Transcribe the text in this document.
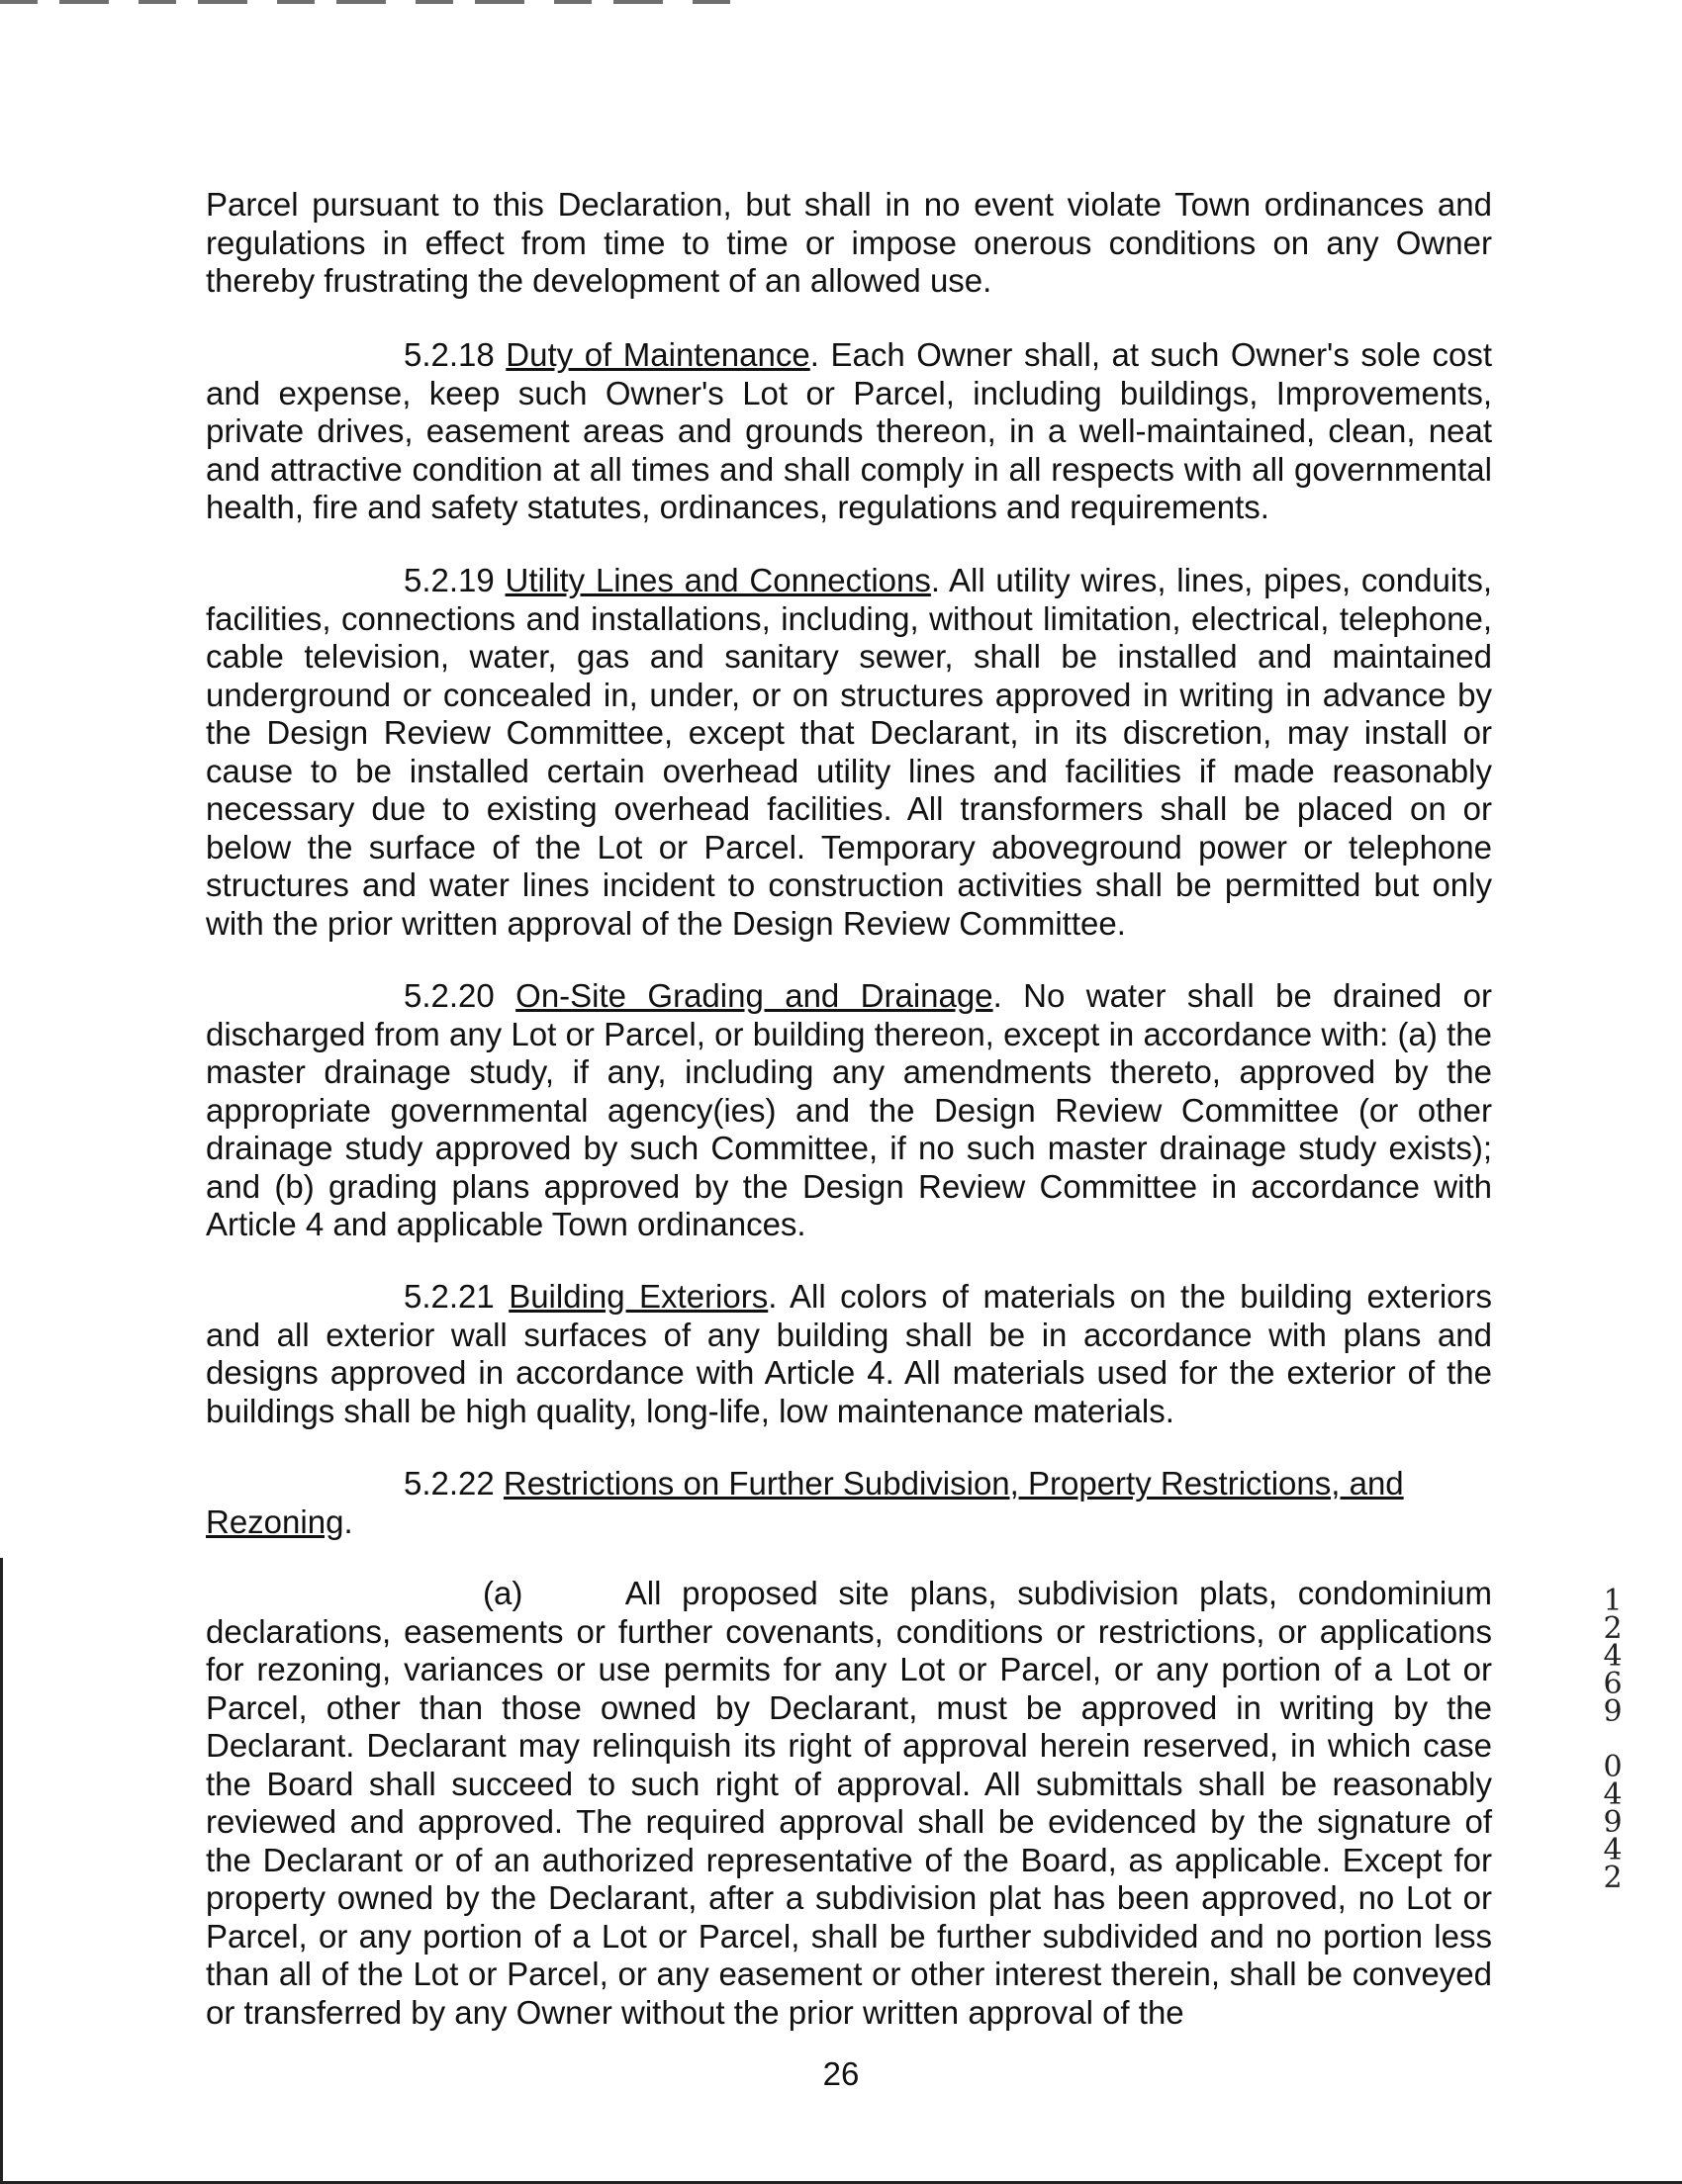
Parcel pursuant to this Declaration, but shall in no event violate Town ordinances and regulations in effect from time to time or impose onerous conditions on any Owner thereby frustrating the development of an allowed use.

5.2.18 Duty of Maintenance. Each Owner shall, at such Owner's sole cost and expense, keep such Owner's Lot or Parcel, including buildings, Improvements, private drives, easement areas and grounds thereon, in a well-maintained, clean, neat and attractive condition at all times and shall comply in all respects with all governmental health, fire and safety statutes, ordinances, regulations and requirements.

5.2.19 Utility Lines and Connections. All utility wires, lines, pipes, conduits, facilities, connections and installations, including, without limitation, electrical, telephone, cable television, water, gas and sanitary sewer, shall be installed and maintained underground or concealed in, under, or on structures approved in writing in advance by the Design Review Committee, except that Declarant, in its discretion, may install or cause to be installed certain overhead utility lines and facilities if made reasonably necessary due to existing overhead facilities. All transformers shall be placed on or below the surface of the Lot or Parcel. Temporary aboveground power or telephone structures and water lines incident to construction activities shall be permitted but only with the prior written approval of the Design Review Committee.

5.2.20 On-Site Grading and Drainage. No water shall be drained or discharged from any Lot or Parcel, or building thereon, except in accordance with: (a) the master drainage study, if any, including any amendments thereto, approved by the appropriate governmental agency(ies) and the Design Review Committee (or other drainage study approved by such Committee, if no such master drainage study exists); and (b) grading plans approved by the Design Review Committee in accordance with Article 4 and applicable Town ordinances.

5.2.21 Building Exteriors. All colors of materials on the building exteriors and all exterior wall surfaces of any building shall be in accordance with plans and designs approved in accordance with Article 4. All materials used for the exterior of the buildings shall be high quality, long-life, low maintenance materials.

5.2.22 Restrictions on Further Subdivision, Property Restrictions, and
Rezoning.

(a)	All proposed site plans, subdivision plats, condominium declarations, easements or further covenants, conditions or restrictions, or applications for rezoning, variances or use permits for any Lot or Parcel, or any portion of a Lot or Parcel, other than those owned by Declarant, must be approved in writing by the Declarant. Declarant may relinquish its right of approval herein reserved, in which case the Board shall succeed to such right of approval. All submittals shall be reasonably reviewed and approved. The required approval shall be evidenced by the signature of the Declarant or of an authorized representative of the Board, as applicable. Except for property owned by the Declarant, after a subdivision plat has been approved, no Lot or Parcel, or any portion of a Lot or Parcel, shall be further subdivided and no portion less than all of the Lot or Parcel, or any easement or other interest therein, shall be conveyed or transferred by any Owner without the prior written approval of the

26
1
2
4
6
9
0
4
9
4
2
